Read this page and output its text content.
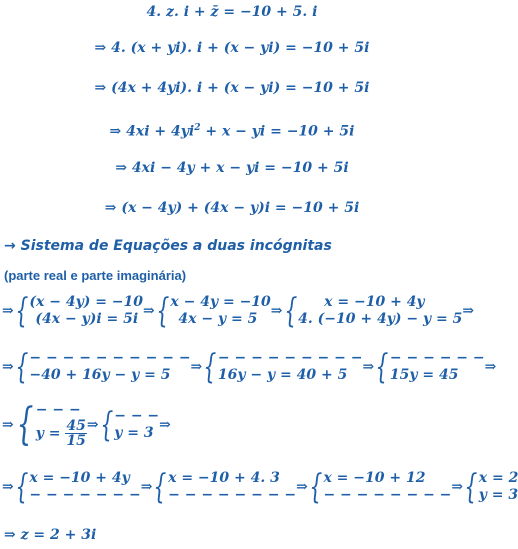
4. z. i + z̄ = −10 + 5. i
⇒ 4. (x + yi). i + (x − yi) = −10 + 5i
⇒ (4x + 4yi). i + (x − yi) = −10 + 5i
⇒ $4xi + 4yi^2 + x$ − yi = −10 + 5i
⇒ 4xi − 4y + x − yi = −10 + 5i
⇒ (x − 4y) + (4x − y)i = −10 + 5i
→ Sistema de Equações a duas incógnitas
(parte real e parte imaginária)
⇒{ (x − 4y) = −10
(4x − y)i = 5i ⇒{ x − 4y = −10
4x − y = 5 ⇒{	x = −10 + 4y
4. (−10 + 4y) − y = 5 ⇒
⇒{ − − − − − − − − − −
−40 + 16y − y = 5	⇒{ − − − − − − − − −
16y − y = 40 + 5	⇒{ − − − − − −
15y = 45	⇒
⇒{ − − −
$y = \frac{45}{15}$ ⇒{ − − −
y = 3 ⇒
⇒{ x = −10 + 4y
− − − − − − − ⇒{ x = −10 + 4. 3
− − − − − − − − ⇒{ x = −10 + 12
− − − − − − − − ⇒{ x = 2
y = 3
⇒ z = 2 + 3i
